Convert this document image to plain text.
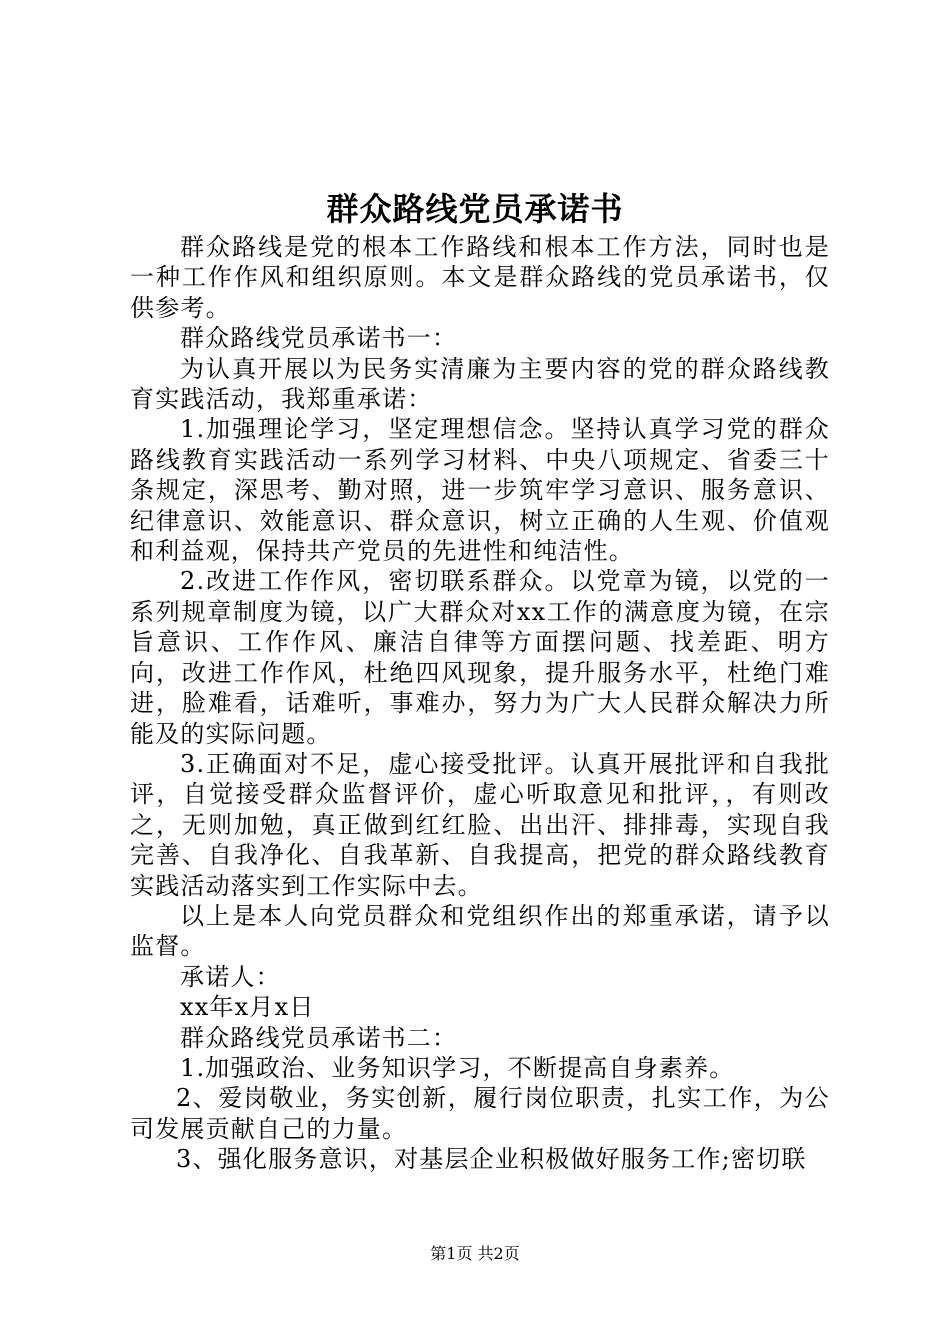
群众路线党员承诺书

群众路线是党的根本工作路线和根本工作方法，同时也是一种工作作风和组织原则。本文是群众路线的党员承诺书，仅供参考。

群众路线党员承诺书一：

为认真开展以为民务实清廉为主要内容的党的群众路线教育实践活动，我郑重承诺：

1.加强理论学习，坚定理想信念。坚持认真学习党的群众路线教育实践活动一系列学习材料、中央八项规定、省委三十条规定，深思考、勤对照，进一步筑牢学习意识、服务意识、纪律意识、效能意识、群众意识，树立正确的人生观、价值观和利益观，保持共产党员的先进性和纯洁性。

2.改进工作作风，密切联系群众。以党章为镜，以党的一系列规章制度为镜，以广大群众对xx工作的满意度为镜，在宗旨意识、工作作风、廉洁自律等方面摆问题、找差距、明方向，改进工作作风，杜绝四风现象，提升服务水平，杜绝门难进，脸难看，话难听，事难办，努力为广大人民群众解决力所能及的实际问题。

3.正确面对不足，虚心接受批评。认真开展批评和自我批评，自觉接受群众监督评价，虚心听取意见和批评，，有则改之，无则加勉，真正做到红红脸、出出汗、排排毒，实现自我完善、自我净化、自我革新、自我提高，把党的群众路线教育实践活动落实到工作实际中去。

以上是本人向党员群众和党组织作出的郑重承诺，请予以监督。

承诺人：

xx年x月x日

群众路线党员承诺书二：

1.加强政治、业务知识学习，不断提高自身素养。

2、爱岗敬业，务实创新，履行岗位职责，扎实工作，为公司发展贡献自己的力量。

3、强化服务意识，对基层企业积极做好服务工作;密切联

第1页 共2页
